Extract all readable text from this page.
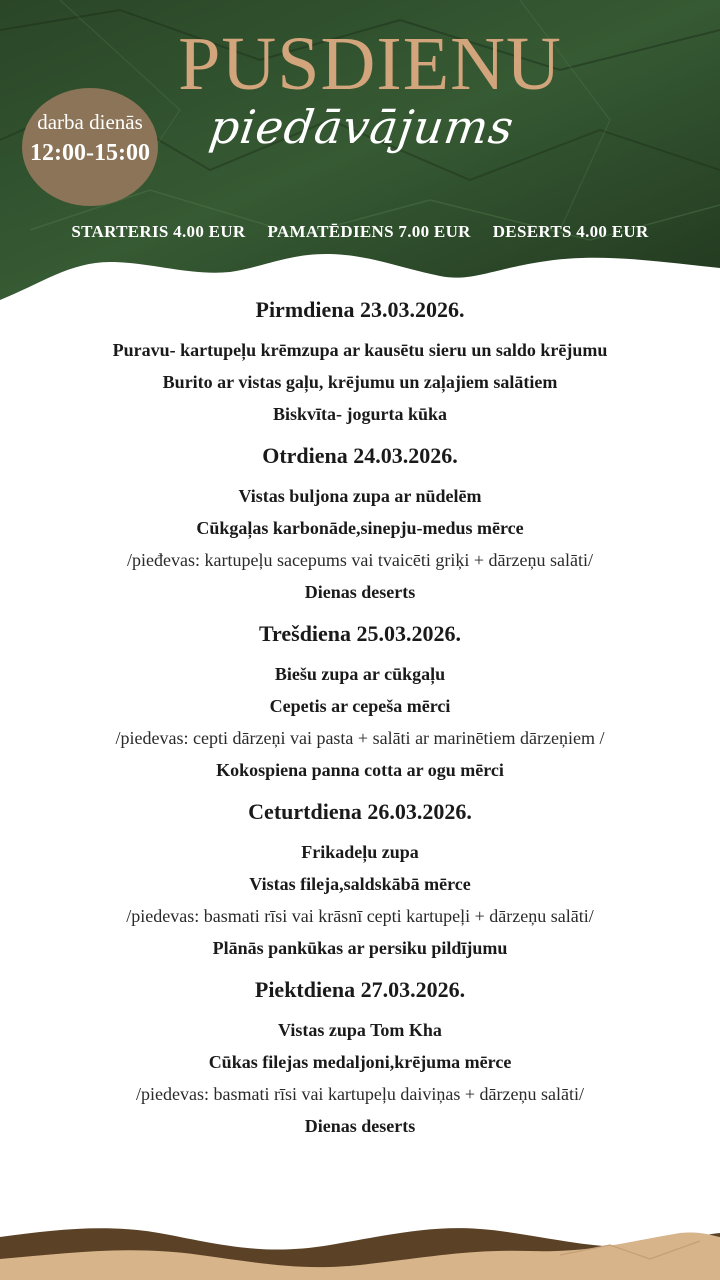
PUSDIENU
piedāvājums
darba dienās
12:00-15:00
STARTERIS 4.00 EUR PAMATĒDIENS 7.00 EUR DESERTS 4.00 EUR
Pirmdiena 23.03.2026.
Puravu- kartupeļu krēmzupa ar kausētu sieru un saldo krējumu
Burito ar vistas gaļu, krējumu un zaļajiem salātiem
Biskvīta- jogurta kūka
Otrdiena 24.03.2026.
Vistas buljona zupa ar nūdelēm
Cūkgaļas karbonāde,sinepju-medus mērce
/pieđevas: kartupeļu sacepums vai tvaicēti griķi + dārzeņu salāti/
Dienas deserts
Trešdiena 25.03.2026.
Biešu zupa ar cūkgaļu
Cepetis ar cepeša mērci
/piedevas: cepti dārzeņi vai pasta + salāti ar marinētiem dārzeņiem /
Kokospiena panna cotta ar ogu mērci
Ceturtdiena 26.03.2026.
Frikadeļu zupa
Vistas fileja,saldskābā mērce
/piedevas: basmati rīsi vai krāsnī cepti kartupeļi + dārzeņu salāti/
Plānās pankūkas ar persiku pildījumu
Piektdiena 27.03.2026.
Vistas zupa Tom Kha
Cūkas filejas medaljoni,krējuma mērce
/piedevas: basmati rīsi vai kartupeļu daiviņas + dārzeņu salāti/
Dienas deserts
